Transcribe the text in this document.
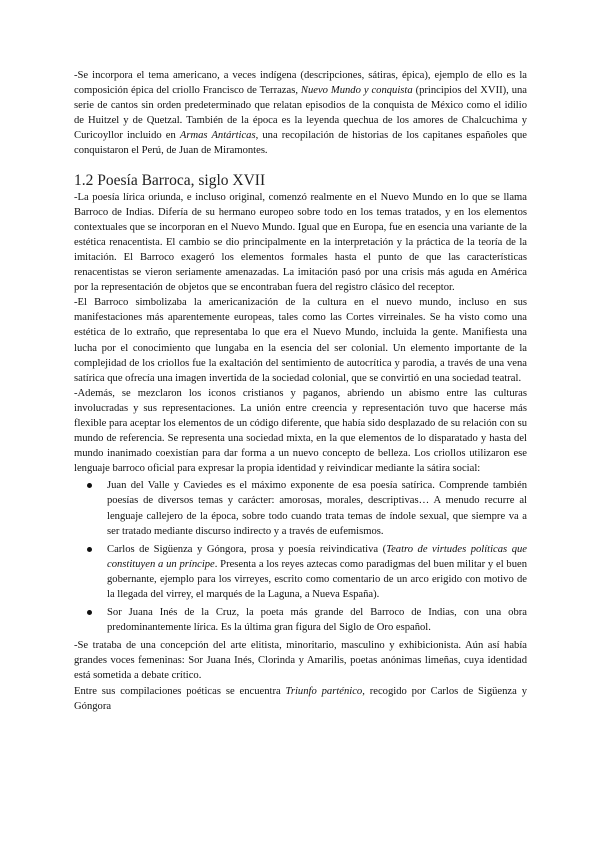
-Se incorpora el tema americano, a veces indígena (descripciones, sátiras, épica), ejemplo de ello es la composición épica del criollo Francisco de Terrazas, Nuevo Mundo y conquista (principios del XVII), una serie de cantos sin orden predeterminado que relatan episodios de la conquista de México como el idilio de Huitzel y de Quetzal. También de la época es la leyenda quechua de los amores de Chalcuchima y Curicoyllor incluido en Armas Antárticas, una recopilación de historias de los capitanes españoles que conquistaron el Perú, de Juan de Miramontes.

1.2 Poesía Barroca, siglo XVII

-La poesía lírica oriunda, e incluso original, comenzó realmente en el Nuevo Mundo en lo que se llama Barroco de Indias. Difería de su hermano europeo sobre todo en los temas tratados, y en los elementos contextuales que se incorporan en el Nuevo Mundo. Igual que en Europa, fue en esencia una variante de la estética renacentista. El cambio se dio principalmente en la interpretación y la práctica de la teoría de la imitación. El Barroco exageró los elementos formales hasta el punto de que las características renacentistas se vieron seriamente amenazadas. La imitación pasó por una crisis más aguda en América por la representación de objetos que se encontraban fuera del registro clásico del receptor.

-El Barroco simbolizaba la americanización de la cultura en el nuevo mundo, incluso en sus manifestaciones más aparentemente europeas, tales como las Cortes virreinales. Se ha visto como una estética de lo extraño, que representaba lo que era el Nuevo Mundo, incluida la gente. Manifiesta una lucha por el conocimiento que lungaba en la esencia del ser colonial. Un elemento importante de la complejidad de los criollos fue la exaltación del sentimiento de autocrítica y parodia, a través de una vena satírica que ofrecía una imagen invertida de la sociedad colonial, que se convirtió en una sociedad teatral.

-Además, se mezclaron los iconos cristianos y paganos, abriendo un abismo entre las culturas involucradas y sus representaciones. La unión entre creencia y representación tuvo que hacerse más flexible para aceptar los elementos de un código diferente, que había sido desplazado de su relación con su mundo de referencia. Se representa una sociedad mixta, en la que elementos de lo disparatado y hasta del mundo inanimado coexistían para dar forma a un nuevo concepto de belleza. Los criollos utilizaron ese lenguaje barroco oficial para expresar la propia identidad y reivindicar mediante la sátira social:

Juan del Valle y Caviedes es el máximo exponente de esa poesía satírica. Comprende también poesías de diversos temas y carácter: amorosas, morales, descriptivas… A menudo recurre al lenguaje callejero de la época, sobre todo cuando trata temas de índole sexual, que siempre va a ser tratado mediante discurso indirecto y a través de eufemismos.
Carlos de Sigüenza y Góngora, prosa y poesía reivindicativa (Teatro de virtudes políticas que constituyen a un príncipe. Presenta a los reyes aztecas como paradigmas del buen militar y el buen gobernante, ejemplo para los virreyes, escrito como comentario de un arco erigido con motivo de la llegada del virrey, el marqués de la Laguna, a Nueva España).
Sor Juana Inés de la Cruz, la poeta más grande del Barroco de Indias, con una obra predominantemente lírica. Es la última gran figura del Siglo de Oro español.

-Se trataba de una concepción del arte elitista, minoritario, masculino y exhibicionista. Aún así había grandes voces femeninas: Sor Juana Inés, Clorinda y Amarilis, poetas anónimas limeñas, cuya identidad está sometida a debate crítico.

Entre sus compilaciones poéticas se encuentra Triunfo parténico, recogido por Carlos de Sigüenza y Góngora
